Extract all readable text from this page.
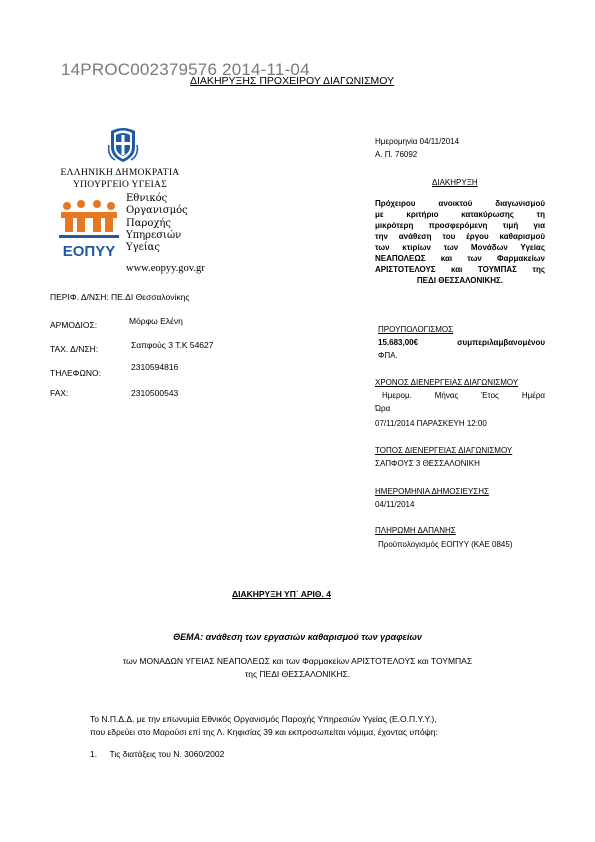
14PROC002379576 2014-11-04
ΔΙΑΚΗΡΥΞΗΣ ΠΡΟΧΕΙΡΟΥ ΔΙΑΓΩΝΙΣΜΟΥ
ΕΛΛΗΝΙΚΗ ΔΗΜΟΚΡΑΤΙΑ
ΥΠΟΥΡΓΕΙΟ ΥΓΕΙΑΣ
ΕΟΠΥΥ
Εθνικός
Οργανισμός
Παροχής
Υπηρεσιών
Υγείας
www.eopyy.gov.gr
ΠΕΡΙΦ. Δ/ΝΣΗ: ΠΕ.ΔΙ Θεσσαλονίκης
ΑΡΜΟΔΙΟΣ:	Μόρφω Ελένη
ΤΑΧ. Δ/ΝΣΗ:	Σαπφούς 3 Τ.Κ 54627
ΤΗΛΕΦΩΝΟ:
2310594816
FAX:	2310500543
Ημερομηνία 04/11/2014
Α. Π. 76092
ΔΙΑΚΗΡΥΞΗ
Πρόχειρου ανοικτού διαγωνισμού
με κριτήριο κατακύρωσης τη
μικρότερη προσφερόμενη τιμή για
την ανάθεση του έργου καθαρισμού
των κτιρίων των Μονάδων Υγείας
ΝΕΑΠΟΛΕΩΣ και των Φαρμακείων
ΑΡΙΣΤΟΤΕΛΟΥΣ και ΤΟΥΜΠΑΣ της
ΠΕΔΙ ΘΕΣΣΑΛΟΝΙΚΗΣ.
ΠΡΟΥΠΟΛΟΓΙΣΜΟΣ
15.683,00€ συμπεριλαμβανομένου
ΦΠΑ.
ΧΡΟΝΟΣ ΔΙΕΝΕΡΓΕΙΑΣ ΔΙΑΓΩΝΙΣΜΟΥ
Ημερομ. Μήνας Έτος Ημέρα
Ώρα
07/11/2014 ΠΑΡΑΣΚΕΥΗ 12:00
ΤΟΠΟΣ ΔΙΕΝΕΡΓΕΙΑΣ ΔΙΑΓΩΝΙΣΜΟΥ
ΣΑΠΦΟΥΣ 3 ΘΕΣΣΑΛΟΝΙΚΗ
ΗΜΕΡΟΜΗΝΙΑ ΔΗΜΟΣΙΕΥΣΗΣ
04/11/2014
ΠΛΗΡΩΜΗ ΔΑΠΑΝΗΣ
Προϋπολογισμός ΕΟΠΥΥ (ΚΑΕ 0845)
ΔΙΑΚΗΡΥΞΗ ΥΠ΄ ΑΡΙΘ. 4
ΘΕΜΑ: ανάθεση των εργασιών καθαρισμού των γραφείων
των ΜΟΝΑΔΩΝ ΥΓΕΙΑΣ ΝΕΑΠΟΛΕΩΣ και των Φαρμακείων ΑΡΙΣΤΟΤΕΛΟΥΣ και ΤΟΥΜΠΑΣ
της ΠΕΔΙ ΘΕΣΣΑΛΟΝΙΚΗΣ.
Το Ν.Π.Δ.Δ. με την επωνυμία Εθνικός Οργανισμός Παροχής Υπηρεσιών Υγείας (Ε.Ο.Π.Υ.Υ.),
που εδρεύει στο Μαρούσι επί της Λ. Κηφισίας 39 και εκπροσωπείται νόμιμα, έχοντας υπόψη:
1. Τις διατάξεις του Ν. 3060/2002
